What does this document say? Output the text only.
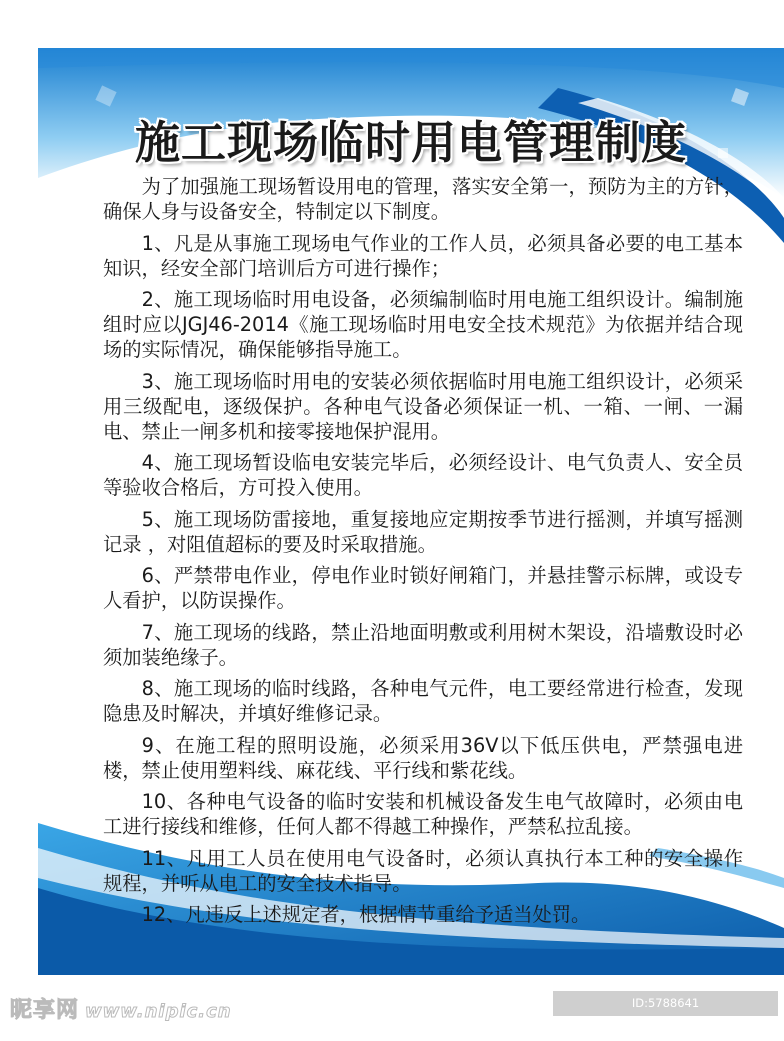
施工现场临时用电管理制度

为了加强施工现场暂设用电的管理，落实安全第一，预防为主的方针，确保人身与设备安全，特制定以下制度。

1、凡是从事施工现场电气作业的工作人员，必须具备必要的电工基本知识，经安全部门培训后方可进行操作；

2、施工现场临时用电设备，必须编制临时用电施工组织设计。编制施组时应以JGJ46-2014《施工现场临时用电安全技术规范》为依据并结合现场的实际情况，确保能够指导施工。

3、施工现场临时用电的安装必须依据临时用电施工组织设计，必须采用三级配电，逐级保护。各种电气设备必须保证一机、一箱、一闸、一漏电、禁止一闸多机和接零接地保护混用。

4、施工现场暂设临电安装完毕后，必须经设计、电气负责人、安全员等验收合格后，方可投入使用。

5、施工现场防雷接地，重复接地应定期按季节进行摇测，并填写摇测记录 ，对阻值超标的要及时采取措施。

6、严禁带电作业，停电作业时锁好闸箱门，并悬挂警示标牌，或设专人看护，以防误操作。

7、施工现场的线路，禁止沿地面明敷或利用树木架设，沿墙敷设时必须加装绝缘子。

8、施工现场的临时线路，各种电气元件，电工要经常进行检查，发现隐患及时解决，并填好维修记录。

9、在施工程的照明设施，必须采用36V以下低压供电，严禁强电进楼，禁止使用塑料线、麻花线、平行线和紫花线。

10、各种电气设备的临时安装和机械设备发生电气故障时，必须由电工进行接线和维修，任何人都不得越工种操作，严禁私拉乱接。

11、凡用工人员在使用电气设备时，必须认真执行本工种的安全操作规程，并听从电工的安全技术指导。

12、凡违反上述规定者，根据情节重给予适当处罚。

昵享网 www.nipic.cn	ID:5788641 NO:20190919131556220031
